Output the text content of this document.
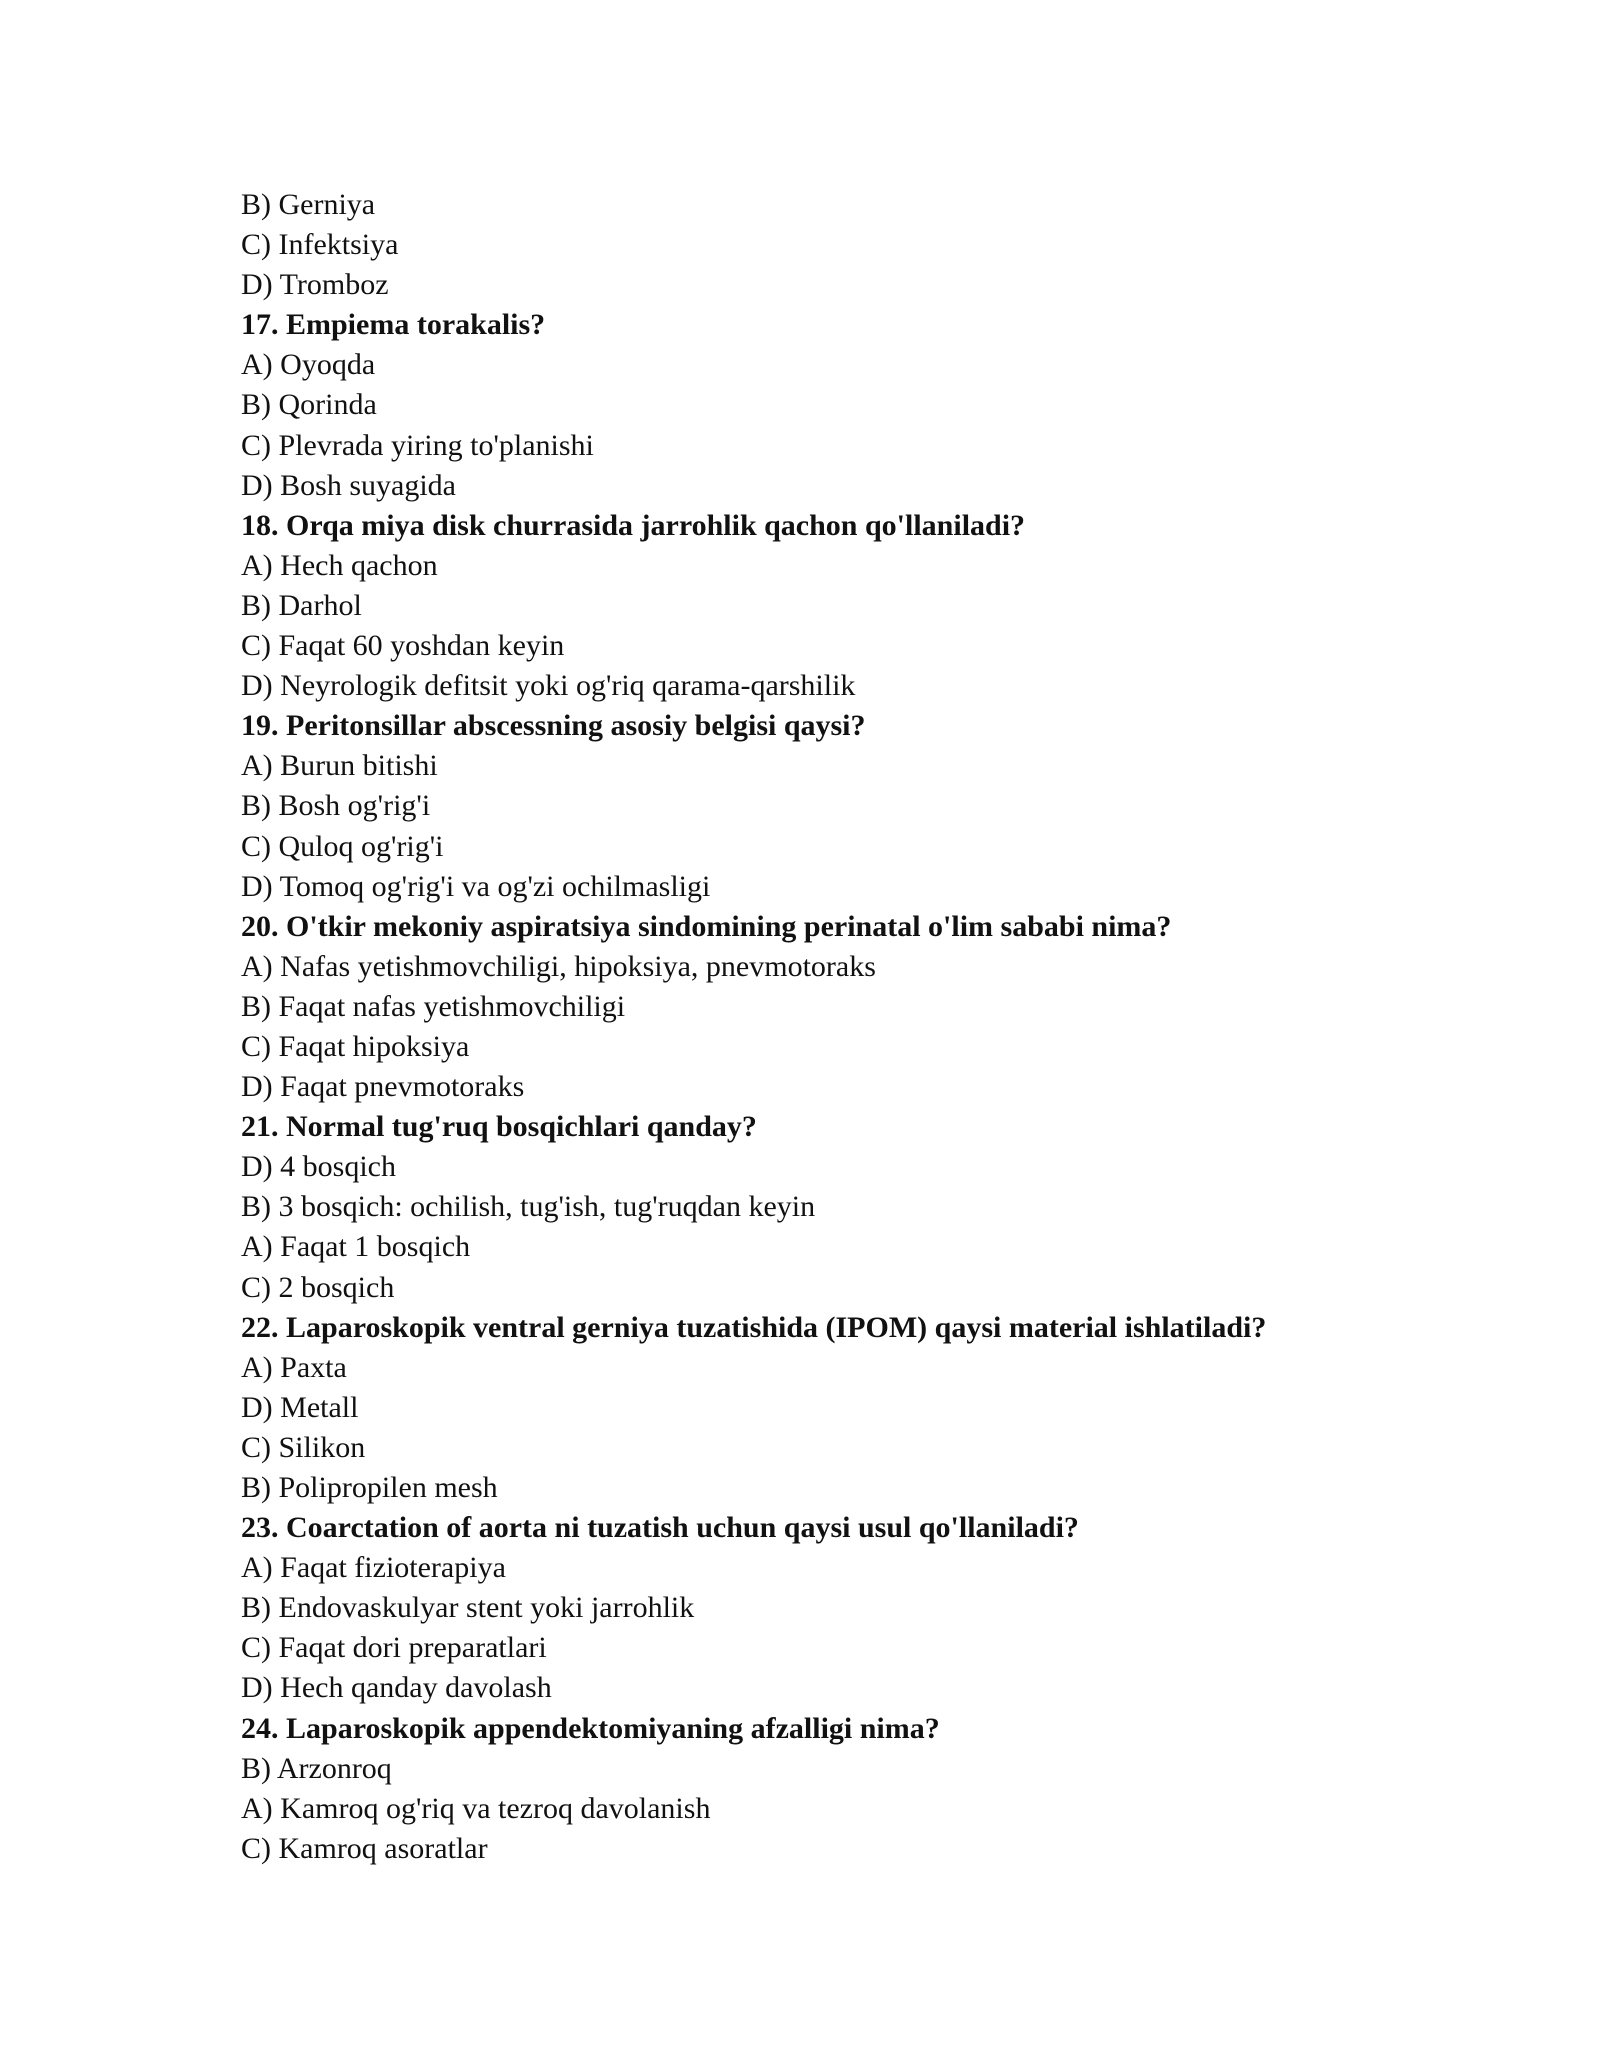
B) Gerniya
C) Infektsiya
D) Tromboz
17. Empiema torakalis?
A) Oyoqda
B) Qorinda
C) Plevrada yiring to'planishi
D) Bosh suyagida
18. Orqa miya disk churrasida jarrohlik qachon qo'llaniladi?
A) Hech qachon
B) Darhol
C) Faqat 60 yoshdan keyin
D) Neyrologik defitsit yoki og'riq qarama-qarshilik
19. Peritonsillar abscessning asosiy belgisi qaysi?
A) Burun bitishi
B) Bosh og'rig'i
C) Quloq og'rig'i
D) Tomoq og'rig'i va og'zi ochilmasligi
20. O'tkir mekoniy aspiratsiya sindomining perinatal o'lim sababi nima?
A) Nafas yetishmovchiligi, hipoksiya, pnevmotoraks
B) Faqat nafas yetishmovchiligi
C) Faqat hipoksiya
D) Faqat pnevmotoraks
21. Normal tug'ruq bosqichlari qanday?
D) 4 bosqich
B) 3 bosqich: ochilish, tug'ish, tug'ruqdan keyin
A) Faqat 1 bosqich
C) 2 bosqich
22. Laparoskopik ventral gerniya tuzatishida (IPOM) qaysi material ishlatiladi?
A) Paxta
D) Metall
C) Silikon
B) Polipropilen mesh
23. Coarctation of aorta ni tuzatish uchun qaysi usul qo'llaniladi?
A) Faqat fizioterapiya
B) Endovaskulyar stent yoki jarrohlik
C) Faqat dori preparatlari
D) Hech qanday davolash
24. Laparoskopik appendektomiyaning afzalligi nima?
B) Arzonroq
A) Kamroq og'riq va tezroq davolanish
C) Kamroq asoratlar
